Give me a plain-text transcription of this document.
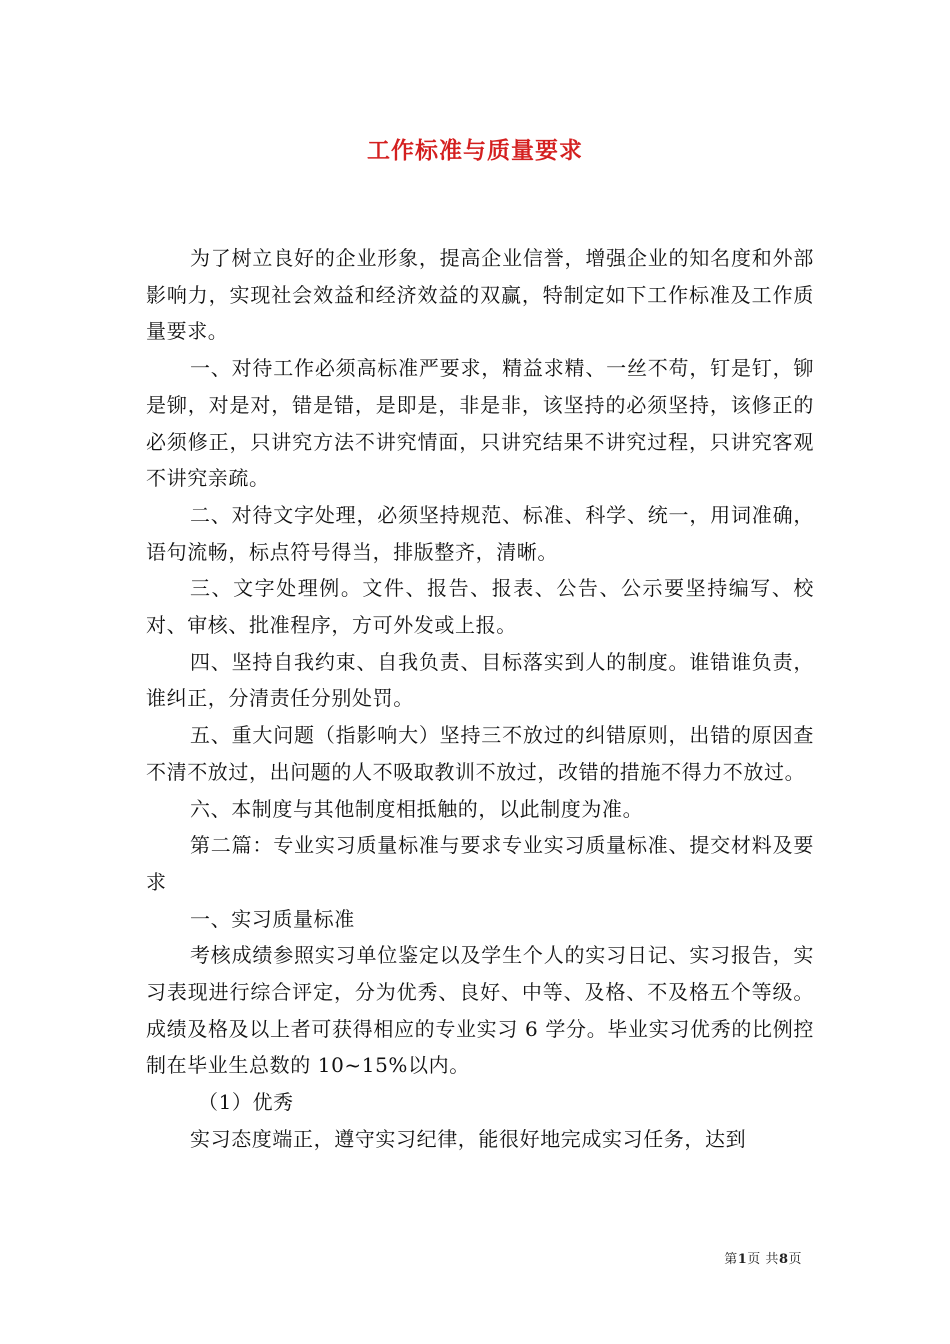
工作标准与质量要求

为了树立良好的企业形象，提高企业信誉，增强企业的知名度和外部影响力，实现社会效益和经济效益的双赢，特制定如下工作标准及工作质量要求。

一、对待工作必须高标准严要求，精益求精、一丝不苟，钉是钉，铆是铆，对是对，错是错，是即是，非是非，该坚持的必须坚持，该修正的必须修正，只讲究方法不讲究情面，只讲究结果不讲究过程，只讲究客观不讲究亲疏。

二、对待文字处理，必须坚持规范、标准、科学、统一，用词准确，语句流畅，标点符号得当，排版整齐，清晰。

三、文字处理例。文件、报告、报表、公告、公示要坚持编写、校对、审核、批准程序，方可外发或上报。

四、坚持自我约束、自我负责、目标落实到人的制度。谁错谁负责，谁纠正，分清责任分别处罚。

五、重大问题（指影响大）坚持三不放过的纠错原则，出错的原因查不清不放过，出问题的人不吸取教训不放过，改错的措施不得力不放过。

六、本制度与其他制度相抵触的，以此制度为准。

第二篇：专业实习质量标准与要求专业实习质量标准、提交材料及要求

一、实习质量标准

考核成绩参照实习单位鉴定以及学生个人的实习日记、实习报告，实习表现进行综合评定，分为优秀、良好、中等、及格、不及格五个等级。成绩及格及以上者可获得相应的专业实习 6 学分。毕业实习优秀的比例控制在毕业生总数的 10~15%以内。

（1）优秀

实习态度端正，遵守实习纪律，能很好地完成实习任务，达到

第1页 共8页
